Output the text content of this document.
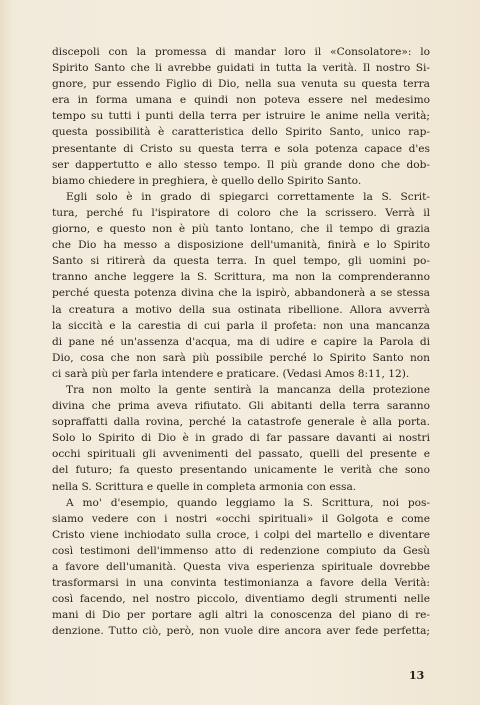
discepoli con la promessa di mandar loro il «Consolatore»: lo
Spirito Santo che li avrebbe guidati in tutta la verità. Il nostro Si-
gnore, pur essendo Figlio di Dio, nella sua venuta su questa terra
era in forma umana e quindi non poteva essere nel medesimo
tempo su tutti i punti della terra per istruire le anime nella verità;
questa possibilità è caratteristica dello Spirito Santo, unico rap-
presentante di Cristo su questa terra e sola potenza capace d'es
ser dappertutto e allo stesso tempo. Il più grande dono che dob-
biamo chiedere in preghiera, è quello dello Spirito Santo.
Egli solo è in grado di spiegarci correttamente la S. Scrit-
tura, perché fu l'ispiratore di coloro che la scrissero. Verrà il
giorno, e questo non è più tanto lontano, che il tempo di grazia
che Dio ha messo a disposizione dell'umanità, finirà e lo Spirito
Santo si ritirerà da questa terra. In quel tempo, gli uomini po-
tranno anche leggere la S. Scrittura, ma non la comprenderanno
perché questa potenza divina che la ispirò, abbandonerà a se stessa
la creatura a motivo della sua ostinata ribellione. Allora avverrà
la siccità e la carestia di cui parla il profeta: non una mancanza
di pane né un'assenza d'acqua, ma di udire e capire la Parola di
Dio, cosa che non sarà più possibile perché lo Spirito Santo non
ci sarà più per farla intendere e praticare. (Vedasi Amos 8:11, 12).
Tra non molto la gente sentirà la mancanza della protezione
divina che prima aveva rifiutato. Gli abitanti della terra saranno
sopraffatti dalla rovina, perché la catastrofe generale è alla porta.
Solo lo Spirito di Dio è in grado di far passare davanti ai nostri
occhi spirituali gli avvenimenti del passato, quelli del presente e
del futuro; fa questo presentando unicamente le verità che sono
nella S. Scrittura e quelle in completa armonia con essa.
A mo' d'esempio, quando leggiamo la S. Scrittura, noi pos-
siamo vedere con i nostri «occhi spirituali» il Golgota e come
Cristo viene inchiodato sulla croce, i colpi del martello e diventare
così testimoni dell'immenso atto di redenzione compiuto da Gesù
a favore dell'umanità. Questa viva esperienza spirituale dovrebbe
trasformarsi in una convinta testimonianza a favore della Verità:
così facendo, nel nostro piccolo, diventiamo degli strumenti nelle
mani di Dio per portare agli altri la conoscenza del piano di re-
denzione. Tutto ciò, però, non vuole dire ancora aver fede perfetta;
13
